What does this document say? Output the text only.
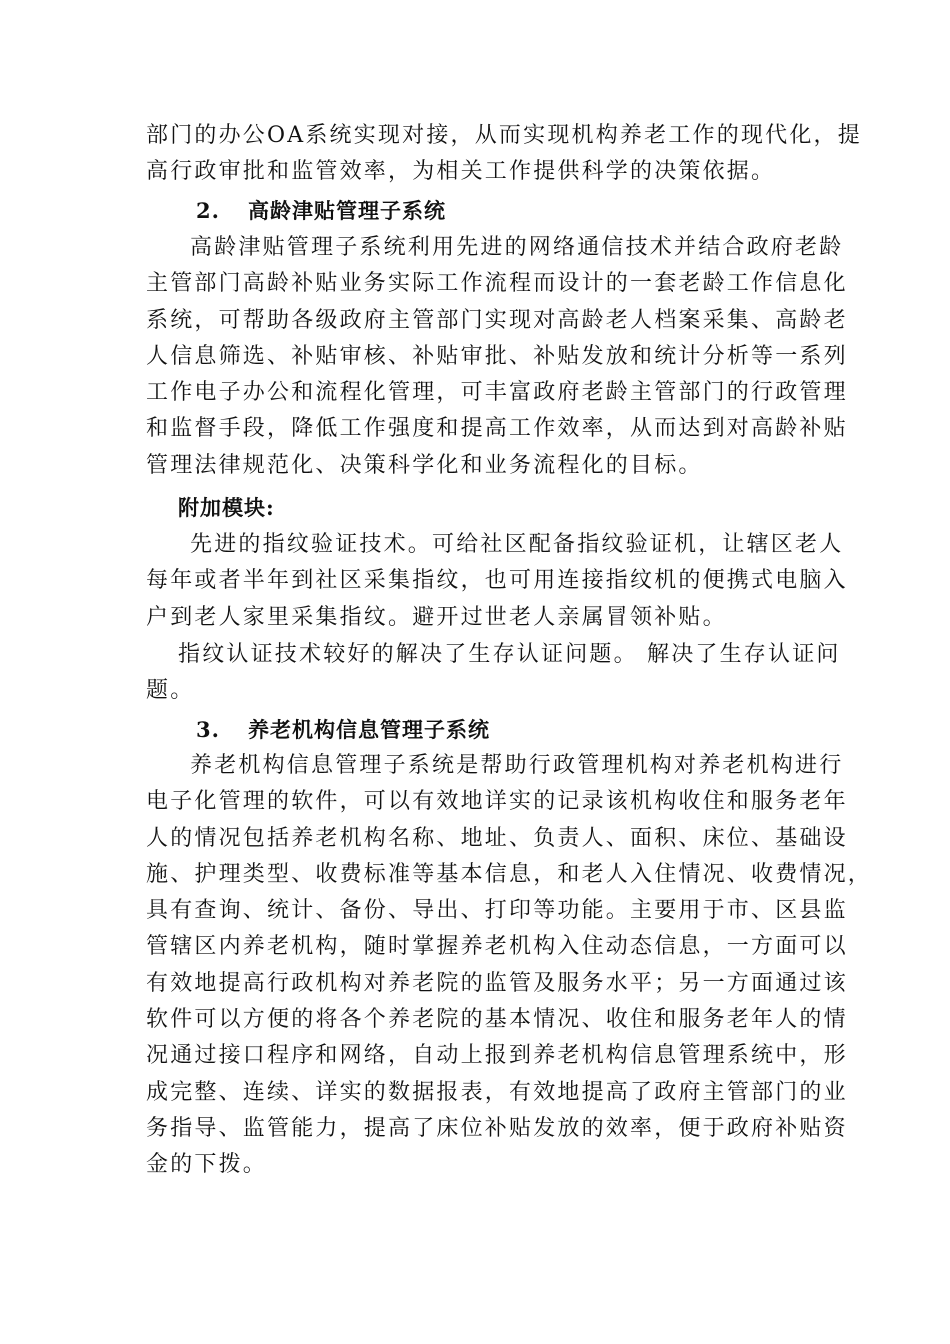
部门的办公OA系统实现对接，从而实现机构养老工作的现代化，提
高行政审批和监管效率，为相关工作提供科学的决策依据。
2. 高龄津贴管理子系统
高龄津贴管理子系统利用先进的网络通信技术并结合政府老龄
主管部门高龄补贴业务实际工作流程而设计的一套老龄工作信息化
系统，可帮助各级政府主管部门实现对高龄老人档案采集、高龄老
人信息筛选、补贴审核、补贴审批、补贴发放和统计分析等一系列
工作电子办公和流程化管理，可丰富政府老龄主管部门的行政管理
和监督手段，降低工作强度和提高工作效率，从而达到对高龄补贴
管理法律规范化、决策科学化和业务流程化的目标。
附加模块:
先进的指纹验证技术。可给社区配备指纹验证机，让辖区老人
每年或者半年到社区采集指纹，也可用连接指纹机的便携式电脑入
户到老人家里采集指纹。避开过世老人亲属冒领补贴。
指纹认证技术较好的解决了生存认证问题。 解决了生存认证问
题。
3. 养老机构信息管理子系统
养老机构信息管理子系统是帮助行政管理机构对养老机构进行
电子化管理的软件，可以有效地详实的记录该机构收住和服务老年
人的情况包括养老机构名称、地址、负责人、面积、床位、基础设
施、护理类型、收费标准等基本信息，和老人入住情况、收费情况，
具有查询、统计、备份、导出、打印等功能。主要用于市、区县监
管辖区内养老机构，随时掌握养老机构入住动态信息，一方面可以
有效地提高行政机构对养老院的监管及服务水平；另一方面通过该
软件可以方便的将各个养老院的基本情况、收住和服务老年人的情
况通过接口程序和网络，自动上报到养老机构信息管理系统中，形
成完整、连续、详实的数据报表，有效地提高了政府主管部门的业
务指导、监管能力，提高了床位补贴发放的效率，便于政府补贴资
金的下拨。
